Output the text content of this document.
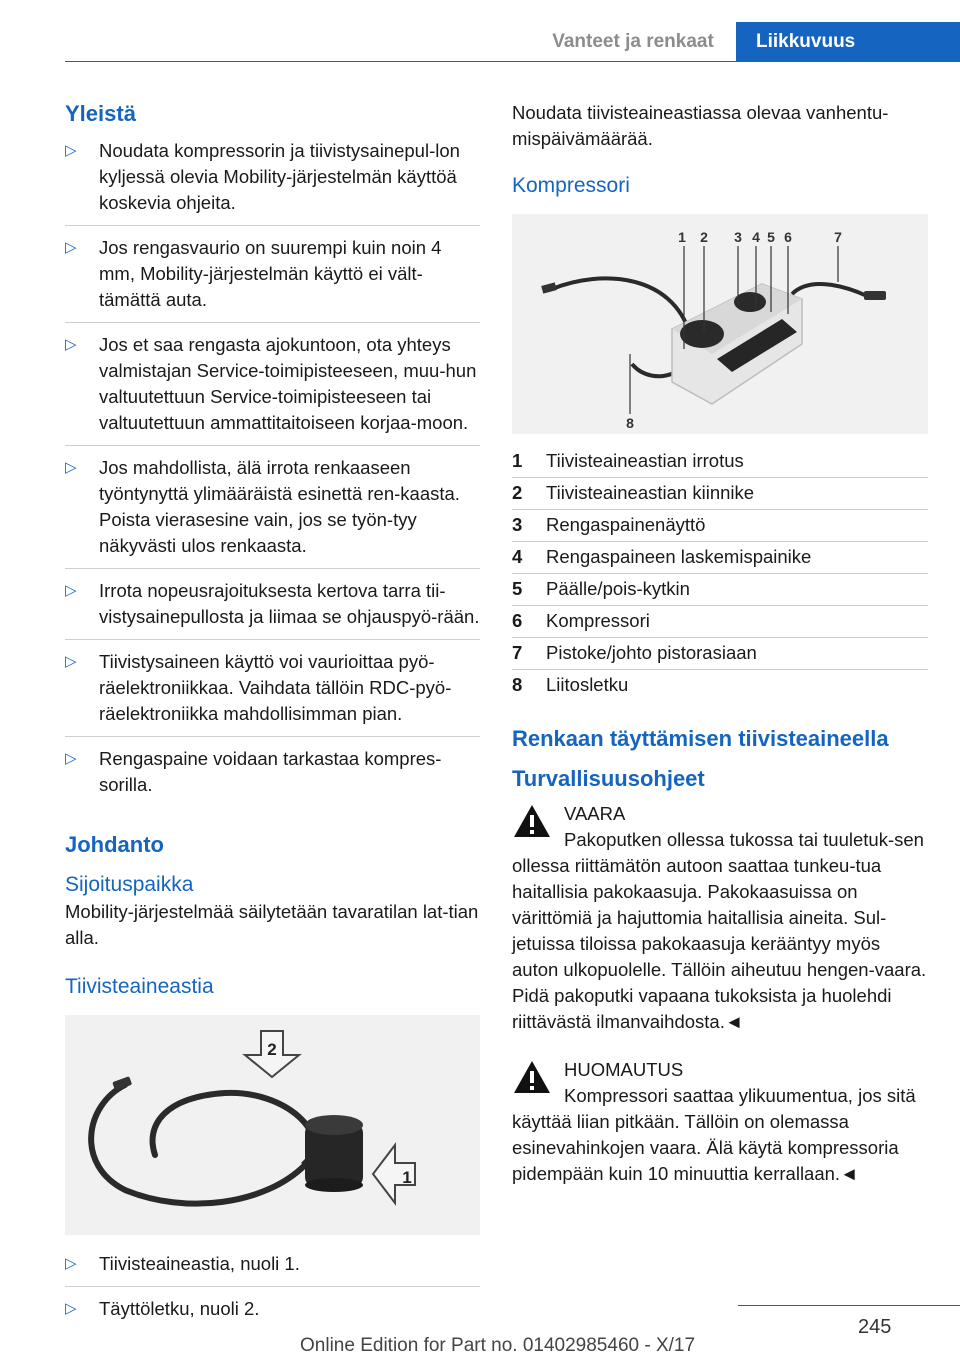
Vanteet ja renkaat	Liikkuvuus
Yleistä
▷ Noudata kompressorin ja tiivistysainepul-lon kyljessä olevia Mobility-järjestelmän käyttöä koskevia ohjeita.
▷ Jos rengasvaurio on suurempi kuin noin 4 mm, Mobility-järjestelmän käyttö ei vält-tämättä auta.
▷ Jos et saa rengasta ajokuntoon, ota yhteys valmistajan Service-toimipisteeseen, muu-hun valtuutettuun Service-toimipisteeseen tai valtuutettuun ammattitaitoiseen korjaa-moon.
▷ Jos mahdollista, älä irrota renkaaseen työntynyttä ylimääräistä esinettä ren-kaasta. Poista vierasesine vain, jos se työn-tyy näkyvästi ulos renkaasta.
▷ Irrota nopeusrajoituksesta kertova tarra tii-vistysainepullosta ja liimaa se ohjauspyö-rään.
▷ Tiivistysaineen käyttö voi vaurioittaa pyö-räelektroniikkaa. Vaihdata tällöin RDC-pyö-räelektroniikka mahdollisimman pian.
▷ Rengaspaine voidaan tarkastaa kompres-sorilla.
Johdanto
Sijoituspaikka

Mobility-järjestelmää säilytetään tavaratilan lat-tian alla.

Tiivisteaineastia
2
1
▷ Tiivisteaineastia, nuoli 1.
▷ Täyttöletku, nuoli 2.

Noudata tiivisteaineastiassa olevaa vanhentu-mispäivämäärää.

Kompressori
1 2 3 4 5 6	7
8
1	Tiivisteaineastian irrotus
2	Tiivisteaineastian kiinnike
3	Rengaspainenäyttö
4	Rengaspaineen laskemispainike
5	Päälle/pois-kytkin
6	Kompressori
7	Pistoke/johto pistorasiaan
8	Liitosletku
Renkaan täyttämisen tiivisteaineella
Turvallisuusohjeet

VAARA

Pakoputken ollessa tukossa tai tuuletuk-sen ollessa riittämätön autoon saattaa tunkeu-tua haitallisia pakokaasuja. Pakokaasuissa on värittömiä ja hajuttomia haitallisia aineita. Sul-jetuissa tiloissa pakokaasuja kerääntyy myös auton ulkopuolelle. Tällöin aiheutuu hengen-vaara. Pidä pakoputki vapaana tukoksista ja huolehdi riittävästä ilmanvaihdosta.◄

HUOMAUTUS

Kompressori saattaa ylikuumentua, jos sitä käyttää liian pitkään. Tällöin on olemassa esinevahinkojen vaara. Älä käytä kompressoria pidempään kuin 10 minuuttia kerrallaan.◄

245
Online Edition for Part no. 01402985460 - X/17
